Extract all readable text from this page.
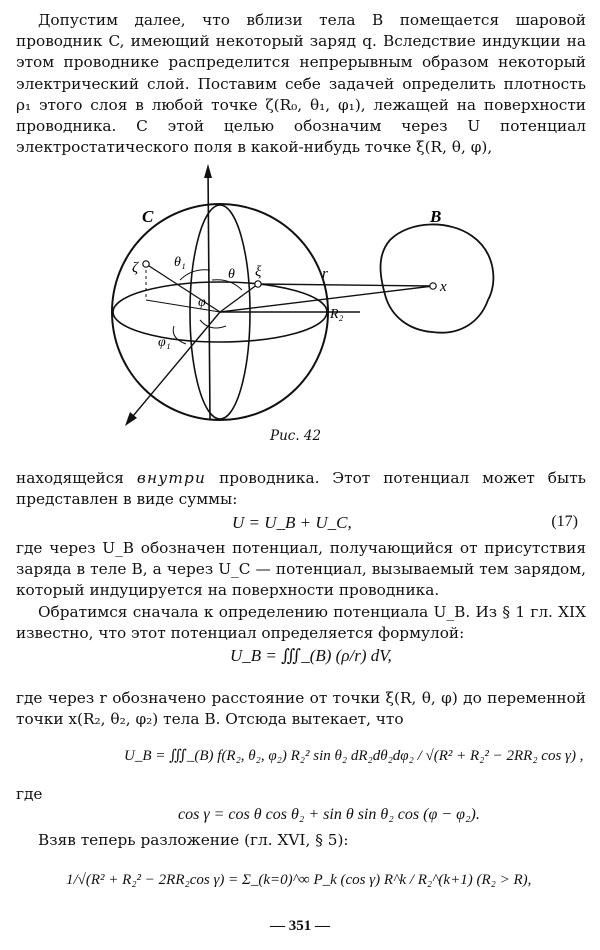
Допустим далее, что вблизи тела B помещается шаровой проводник C, имеющий некоторый заряд q. Вследствие индукции на этом проводнике распределится непрерывным образом некоторый электрический слой. Поставим себе задачей определить плотность ρ₁ этого слоя в любой точке ζ(R₀, θ₁, φ₁), лежащей на поверхности проводника. С этой целью обозначим через U потенциал электростатического поля в какой-нибудь точке ξ(R, θ, φ),

C	B
ζ	ξ
θ₁
θ
φ
φ₁
r
R₂
x
Рис. 42

находящейся внутри проводника. Этот потенциал может быть представлен в виде суммы:

U = U_B + U_C,	(17)

где через U_B обозначен потенциал, получающийся от присутствия заряда в теле B, а через U_C — потенциал, вызываемый тем зарядом, который индуцируется на поверхности проводника.

Обратимся сначала к определению потенциала U_B. Из § 1 гл. XIX известно, что этот потенциал определяется формулой:

U_B = ∭_(B) (ρ/r) dV,

где через r обозначено расстояние от точки ξ(R, θ, φ) до переменной точки x(R₂, θ₂, φ₂) тела B. Отсюда вытекает, что

U_B = ∭_(B) f(R₂, θ₂, φ₂) R₂² sin θ₂ dR₂dθ₂dφ₂ / √(R² + R₂² − 2RR₂ cos γ) ,

где

cos γ = cos θ cos θ₂ + sin θ sin θ₂ cos (φ − φ₂).

Взяв теперь разложение (гл. XVI, § 5):

1/√(R² + R₂² − 2RR₂cos γ) = Σ_(k=0)^∞ P_k (cos γ) R^k / R₂^(k+1) (R₂ > R),
— 351 —
